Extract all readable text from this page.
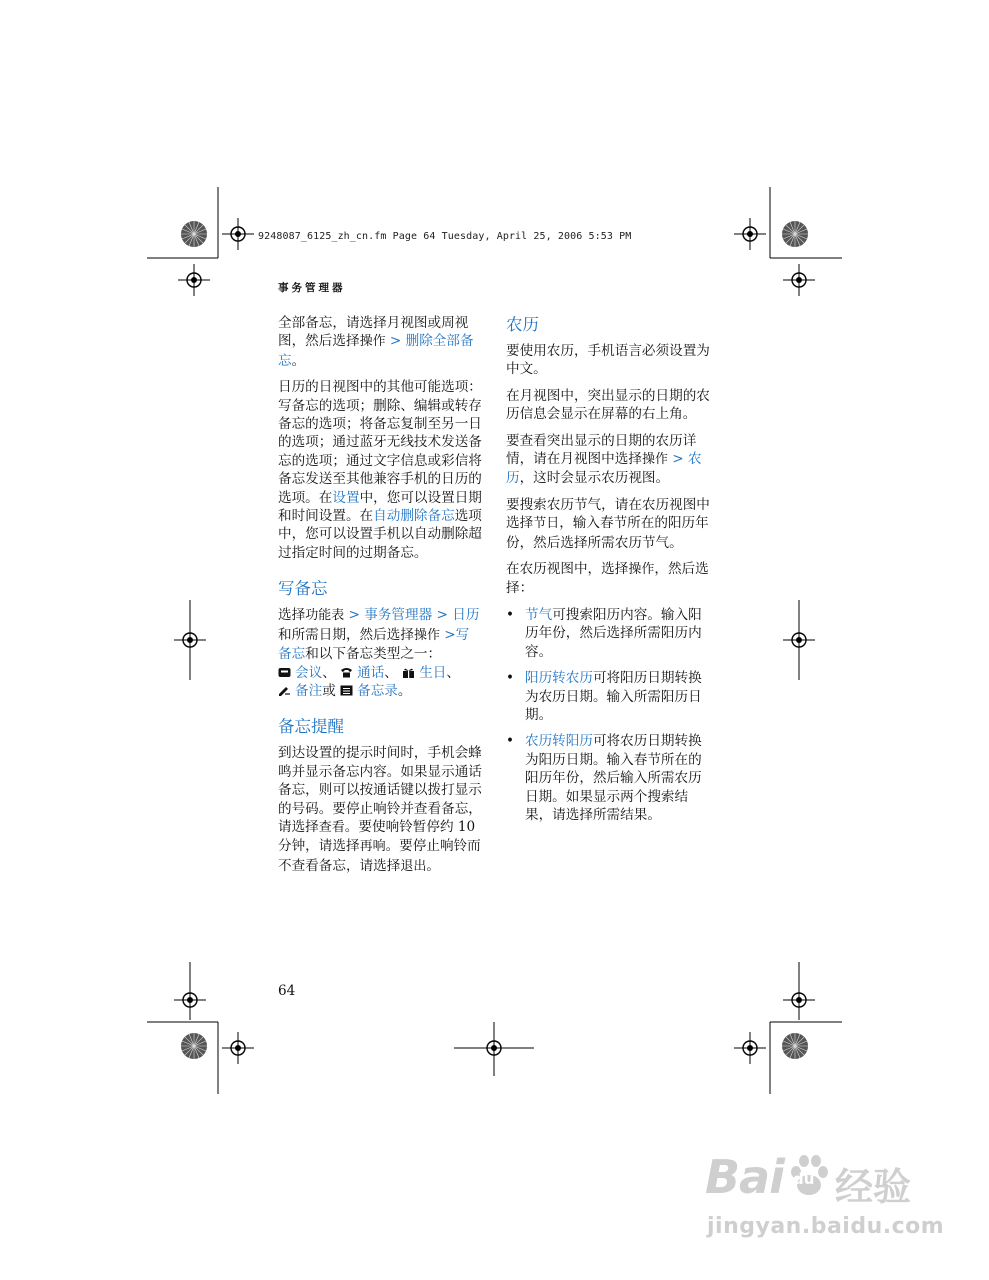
9248087_6125_zh_cn.fm Page 64 Tuesday, April 25, 2006 5:53 PM
事务管理器

全部备忘，请选择月视图或周视图，然后选择操作 > 删除全部备忘。

日历的日视图中的其他可能选项：写备忘的选项；删除、编辑或转存备忘的选项；将备忘复制至另一日的选项；通过蓝牙无线技术发送备忘的选项；通过文字信息或彩信将备忘发送至其他兼容手机的日历的选项。在设置中，您可以设置日期和时间设置。在自动删除备忘选项中，您可以设置手机以自动删除超过指定时间的过期备忘。

写备忘

选择功能表 > 事务管理器 > 日历和所需日期，然后选择操作 >写备忘和以下备忘类型之一：
会议、 通话、 生日、
备注或 备忘录。

备忘提醒

到达设置的提示时间时，手机会蜂鸣并显示备忘内容。如果显示通话备忘，则可以按通话键以拨打显示的号码。要停止响铃并查看备忘，请选择查看。要使响铃暂停约 10 分钟，请选择再响。要停止响铃而不查看备忘，请选择退出。

农历

要使用农历，手机语言必须设置为中文。

在月视图中，突出显示的日期的农历信息会显示在屏幕的右上角。

要查看突出显示的日期的农历详情，请在月视图中选择操作 > 农历，这时会显示农历视图。

要搜索农历节气，请在农历视图中选择节日，输入春节所在的阳历年份，然后选择所需农历节气。

在农历视图中，选择操作，然后选择：

• 节气可搜索阳历内容。输入阳历年份，然后选择所需阳历内容。
• 阳历转农历可将阳历日期转换为农历日期。输入所需阳历日期。
• 农历转阳历可将农历日期转换为阳历日期。输入春节所在的阳历年份，然后输入所需农历日期。如果显示两个搜索结果，请选择所需结果。
64
Bai du 经验
jingyan.baidu.com
